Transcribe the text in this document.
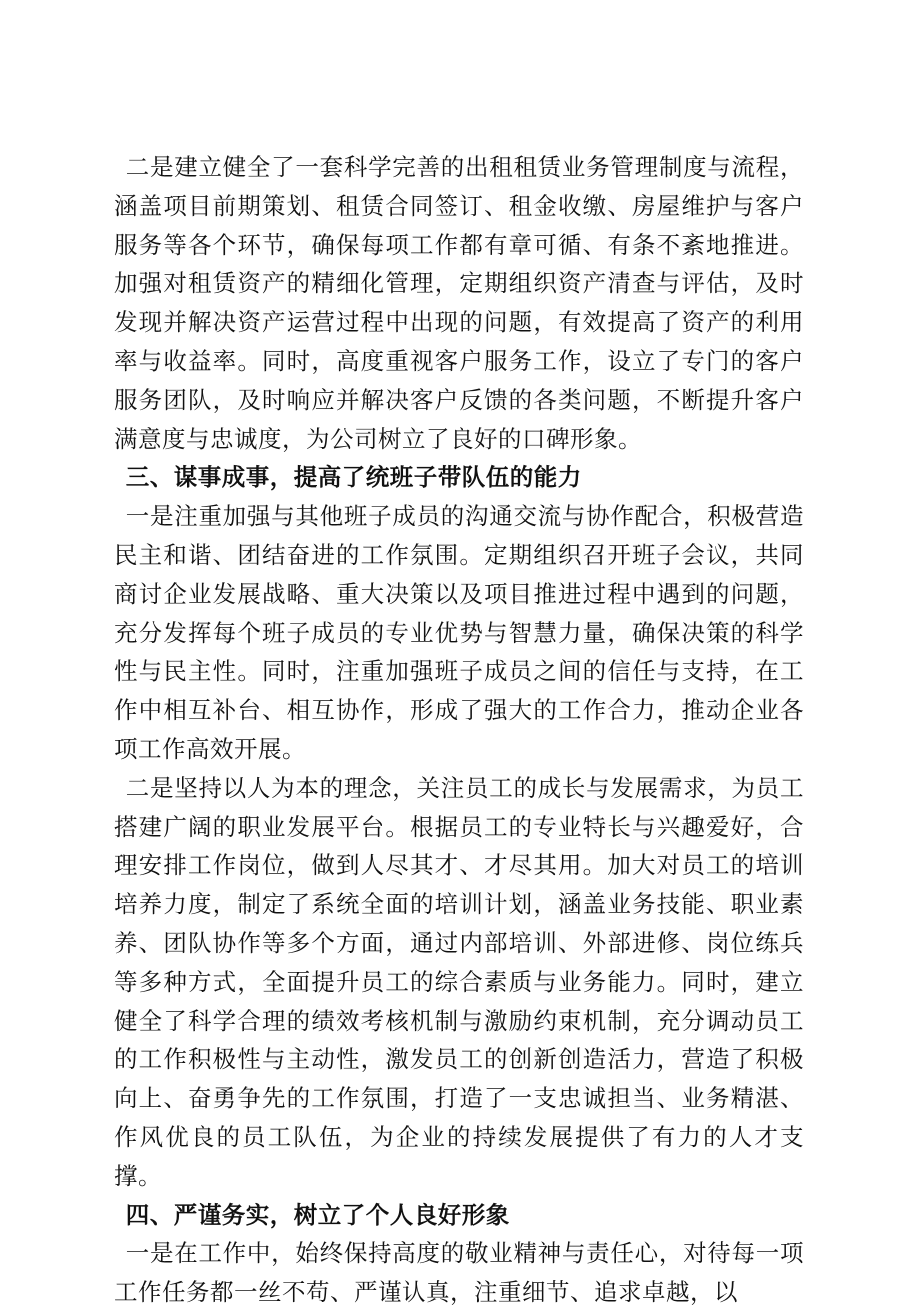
二是建立健全了一套科学完善的出租租赁业务管理制度与流程，涵盖项目前期策划、租赁合同签订、租金收缴、房屋维护与客户服务等各个环节，确保每项工作都有章可循、有条不紊地推进。加强对租赁资产的精细化管理，定期组织资产清查与评估，及时发现并解决资产运营过程中出现的问题，有效提高了资产的利用率与收益率。同时，高度重视客户服务工作，设立了专门的客户服务团队，及时响应并解决客户反馈的各类问题，不断提升客户满意度与忠诚度，为公司树立了良好的口碑形象。

三、谋事成事，提高了统班子带队伍的能力

一是注重加强与其他班子成员的沟通交流与协作配合，积极营造民主和谐、团结奋进的工作氛围。定期组织召开班子会议，共同商讨企业发展战略、重大决策以及项目推进过程中遇到的问题，充分发挥每个班子成员的专业优势与智慧力量，确保决策的科学性与民主性。同时，注重加强班子成员之间的信任与支持，在工作中相互补台、相互协作，形成了强大的工作合力，推动企业各项工作高效开展。

二是坚持以人为本的理念，关注员工的成长与发展需求，为员工搭建广阔的职业发展平台。根据员工的专业特长与兴趣爱好，合理安排工作岗位，做到人尽其才、才尽其用。加大对员工的培训培养力度，制定了系统全面的培训计划，涵盖业务技能、职业素养、团队协作等多个方面，通过内部培训、外部进修、岗位练兵等多种方式，全面提升员工的综合素质与业务能力。同时，建立健全了科学合理的绩效考核机制与激励约束机制，充分调动员工的工作积极性与主动性，激发员工的创新创造活力，营造了积极向上、奋勇争先的工作氛围，打造了一支忠诚担当、业务精湛、作风优良的员工队伍，为企业的持续发展提供了有力的人才支撑。

四、严谨务实，树立了个人良好形象

一是在工作中，始终保持高度的敬业精神与责任心，对待每一项工作任务都一丝不苟、严谨认真，注重细节、追求卓越，以
